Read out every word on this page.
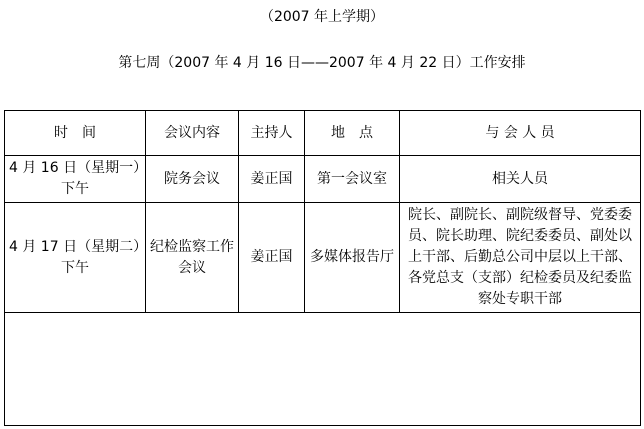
（2007 年上学期）
第七周（2007 年 4 月 16 日——2007 年 4 月 22 日）工作安排
时　间	会议内容	主持人	地　点	与 会 人 员

4 月 16 日（星期一）
下午	院务会议	姜正国	第一会议室	相关人员

4 月 17 日（星期二）
下午	纪检监察工作会议	姜正国	多媒体报告厅	院长、副院长、副院级督导、党委委员、院长助理、院纪委委员、副处以上干部、后勤总公司中层以上干部、各党总支（支部）纪检委员及纪委监察处专职干部
